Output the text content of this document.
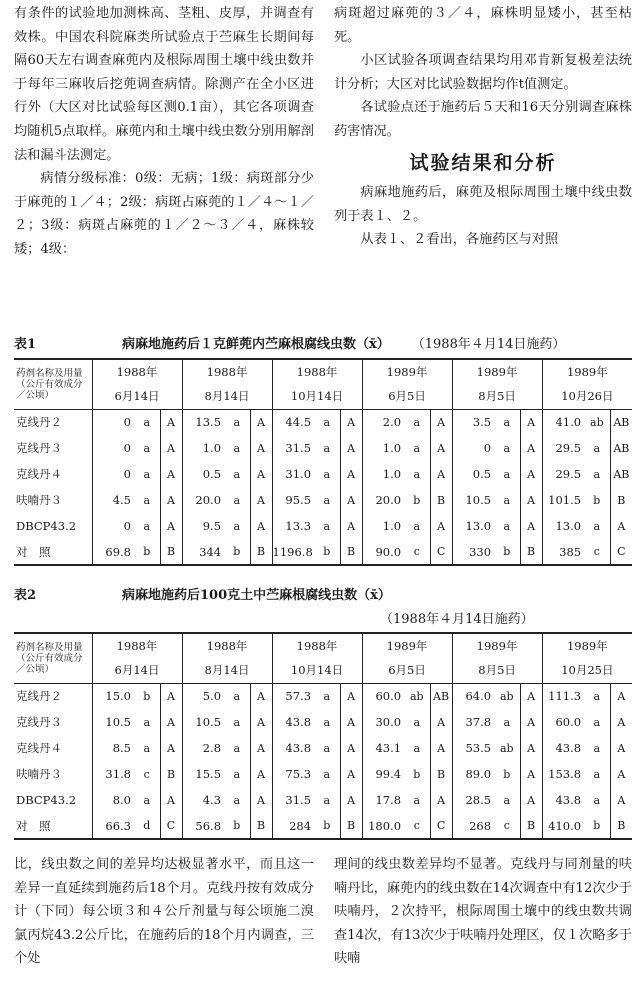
有条件的试验地加测株高、茎粗、皮厚，并调查有效株。中国农科院麻类所试验点于苎麻生长期间每隔60天左右调查麻蔸内及根际周围土壤中线虫数并于每年三麻收后挖蔸调查病情。除测产在全小区进行外（大区对比试验每区测0.1亩），其它各项调查均随机5点取样。麻蔸内和土壤中线虫数分别用解剖法和漏斗法测定。

病情分级标准：0级：无病；1级：病斑部分少于麻蔸的１／４；2级：病斑占麻蔸的１／４～１／２；3级：病斑占麻蔸的１／２～３／４，麻株较矮；4级：

病斑超过麻蔸的３／４，麻株明显矮小，甚至枯死。

小区试验各项调查结果均用邓肯新复极差法统计分析；大区对比试验数据均作t值测定。

各试验点还于施药后５天和16天分别调查麻株药害情况。

试验结果和分析

病麻地施药后，麻蔸及根际周围土壤中线虫数列于表１、２。

从表１、２看出，各施药区与对照

表1	病麻地施药后１克鲜蔸内苎麻根腐线虫数（x̄） （1988年４月14日施药）
药剂名称及用量（公斤有效成分／公顷）	1988年			1988年			1988年			1989年			1989年			1989年		
	6月14日			8月14日			10月14日			6月5日			8月5日			10月26日		
克线丹２	0	a	A	13.5	a	A	44.5	a	A	2.0	a	A	3.5	a	A	41.0	ab	AB
克线丹３	0	a	A	1.0	a	A	31.5	a	A	1.0	a	A	0	a	A	29.5	a	AB
克线丹４	0	a	A	0.5	a	A	31.0	a	A	1.0	a	A	0.5	a	A	29.5	a	AB
呋喃丹３	4.5	a	A	20.0	a	A	95.5	a	A	20.0	b	B	10.5	a	A	101.5	b	B
DBCP43.2	0	a	A	9.5	a	A	13.3	a	A	1.0	a	A	13.0	a	A	13.0	a	A
对　照	69.8	b	B	344	b	B	1196.8	b	B	90.0	c	C	330	b	B	385	c	C
表2	病麻地施药后100克土中苎麻根腐线虫数（x̄）
（1988年４月14日施药）
药剂名称及用量（公斤有效成分／公顷）	1988年			1988年			1988年			1989年			1989年			1989年		
	6月14日			8月14日			10月14日			6月5日			8月5日			10月25日		
克线丹２	15.0	b	A	5.0	a	A	57.3	a	A	60.0	ab	AB	64.0	ab	A	111.3	a	A
克线丹３	10.5	a	A	10.5	a	A	43.8	a	A	30.0	a	A	37.8	a	A	60.0	a	A
克线丹４	8.5	a	A	2.8	a	A	43.8	a	A	43.1	a	A	53.5	ab	A	43.8	a	A
呋喃丹３	31.8	c	B	15.5	a	A	75.3	a	A	99.4	b	B	89.0	b	A	153.8	a	A
DBCP43.2	8.0	a	A	4.3	a	A	31.5	a	A	17.8	a	A	28.5	a	A	43.8	a	A
对　照	66.3	d	C	56.8	b	B	284	b	B	180.0	c	C	268	c	B	410.0	b	B

比，线虫数之间的差异均达极显著水平，而且这一差异一直延续到施药后18个月。克线丹按有效成分计（下同）每公顷３和４公斤剂量与每公顷施二溴氯丙烷43.2公斤比，在施药后的18个月内调查，三个处

理间的线虫数差异均不显著。克线丹与同剂量的呋喃丹比，麻蔸内的线虫数在14次调查中有12次少于呋喃丹，２次持平，根际周围土壤中的线虫数共调查14次，有13次少于呋喃丹处理区，仅１次略多于呋喃
